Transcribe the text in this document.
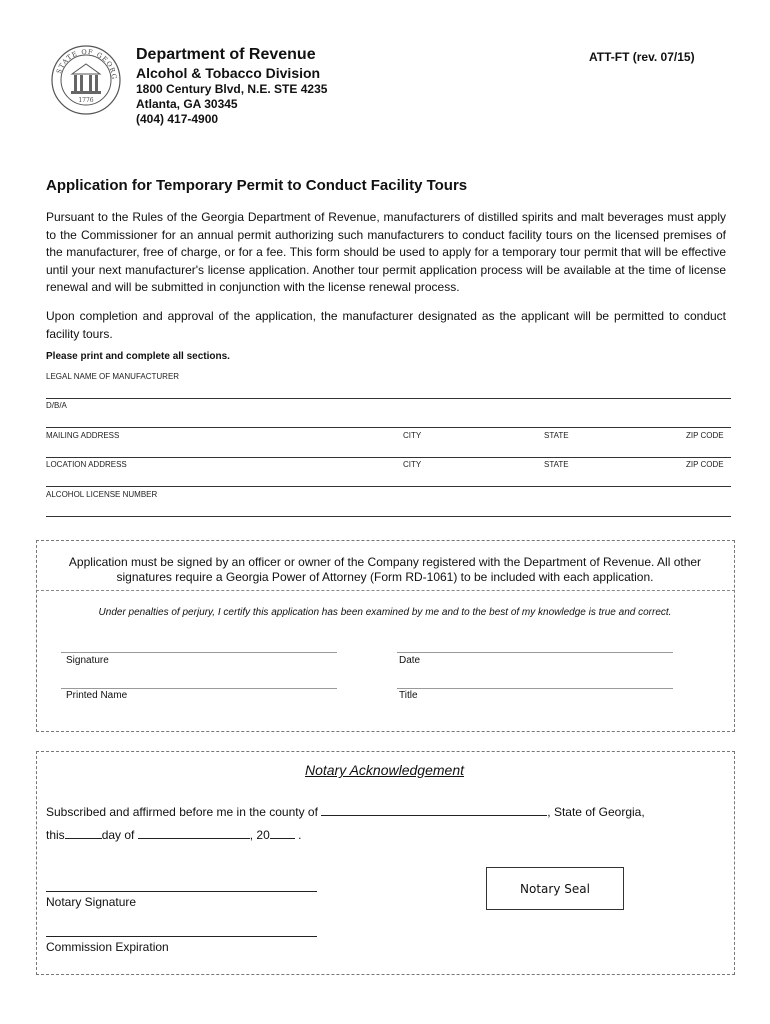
STATE OF GEORG
1776
Department of Revenue
Alcohol & Tobacco Division
1800 Century Blvd, N.E. STE 4235
Atlanta, GA 30345
(404) 417-4900
ATT-FT (rev. 07/15)
Application for Temporary Permit to Conduct Facility Tours
Pursuant to the Rules of the Georgia Department of Revenue, manufacturers of distilled spirits and malt beverages must apply to the Commissioner for an annual permit authorizing such manufacturers to conduct facility tours on the licensed premises of the manufacturer, free of charge, or for a fee. This form should be used to apply for a temporary tour permit that will be effective until your next manufacturer's license application. Another tour permit application process will be available at the time of license renewal and will be submitted in conjunction with the license renewal process.
Upon completion and approval of the application, the manufacturer designated as the applicant will be permitted to conduct facility tours.
Please print and complete all sections.
LEGAL NAME OF MANUFACTURER
D/B/A
MAILING ADDRESS	CITY	STATE	ZIP CODE
LOCATION ADDRESS	CITY	STATE	ZIP CODE
ALCOHOL LICENSE NUMBER
Application must be signed by an officer or owner of the Company registered with the Department of Revenue. All other signatures require a Georgia Power of Attorney (Form RD-1061) to be included with each application.
Under penalties of perjury, I certify this application has been examined by me and to the best of my knowledge is true and correct.
Signature	Date
Printed Name	Title
Notary Acknowledgement
Subscribed and affirmed before me in the county of	, State of Georgia,
this	day of	, 20 .
Notary Seal
Notary Signature
Commission Expiration
